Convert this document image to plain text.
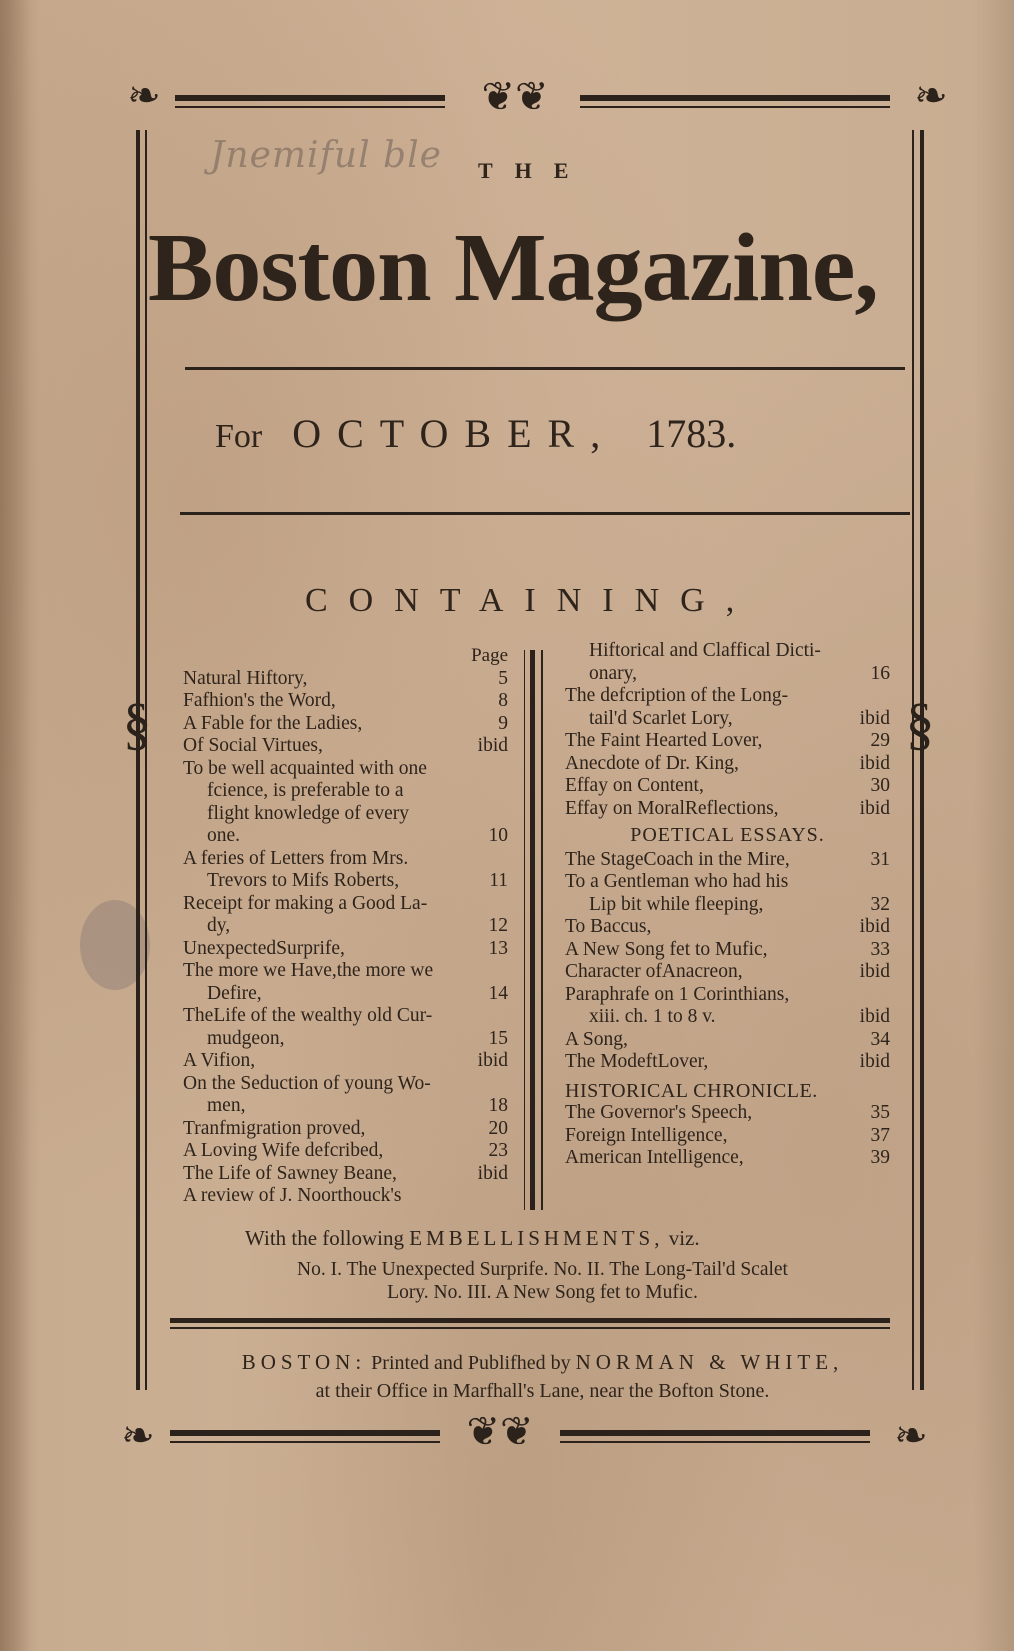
❧	❧
❦❦
§	§
Jnemiful ble THE
Boston Magazine,
For OCTOBER, 1783.
CONTAINING,
Page
Natural Hiftory,	5
Fafhion's the Word,	8
A Fable for the Ladies,	9
Of Social Virtues,	ibid
To be well acquainted with one
fcience, is preferable to a
flight knowledge of every
one.	10
A feries of Letters from Mrs.
Trevors to Mifs Roberts,	11
Receipt for making a Good La-
dy,	12
UnexpectedSurprife,	13
The more we Have,the more we
Defire,	14
TheLife of the wealthy old Cur-
mudgeon,	15
A Vifion,	ibid
On the Seduction of young Wo-
men,	18
Tranfmigration proved,	20
A Loving Wife defcribed,	23
The Life of Sawney Beane,	ibid
A review of J. Noorthouck's
Hiftorical and Claffical Dicti-
onary,	16
The defcription of the Long-
tail'd Scarlet Lory,	ibid
The Faint Hearted Lover,	29
Anecdote of Dr. King,	ibid
Effay on Content,	30
Effay on MoralReflections,	ibid
POETICAL ESSAYS.
The StageCoach in the Mire,	31
To a Gentleman who had his
Lip bit while fleeping,	32
To Baccus,	ibid
A New Song fet to Mufic,	33
Character ofAnacreon,	ibid
Paraphrafe on 1 Corinthians,
xiii. ch. 1 to 8 v.	ibid
A Song,	34
The ModeftLover,	ibid
HISTORICAL CHRONICLE.
The Governor's Speech,	35
Foreign Intelligence,	37
American Intelligence,	39
With the following EMBELLISHMENTS, viz.
No. I. The Unexpected Surprife. No. II. The Long-Tail'd Scalet
Lory. No. III. A New Song fet to Mufic.
BOSTON: Printed and Publifhed by NORMAN & WHITE,
at their Office in Marfhall's Lane, near the Bofton Stone.
❧	❧
❦❦
